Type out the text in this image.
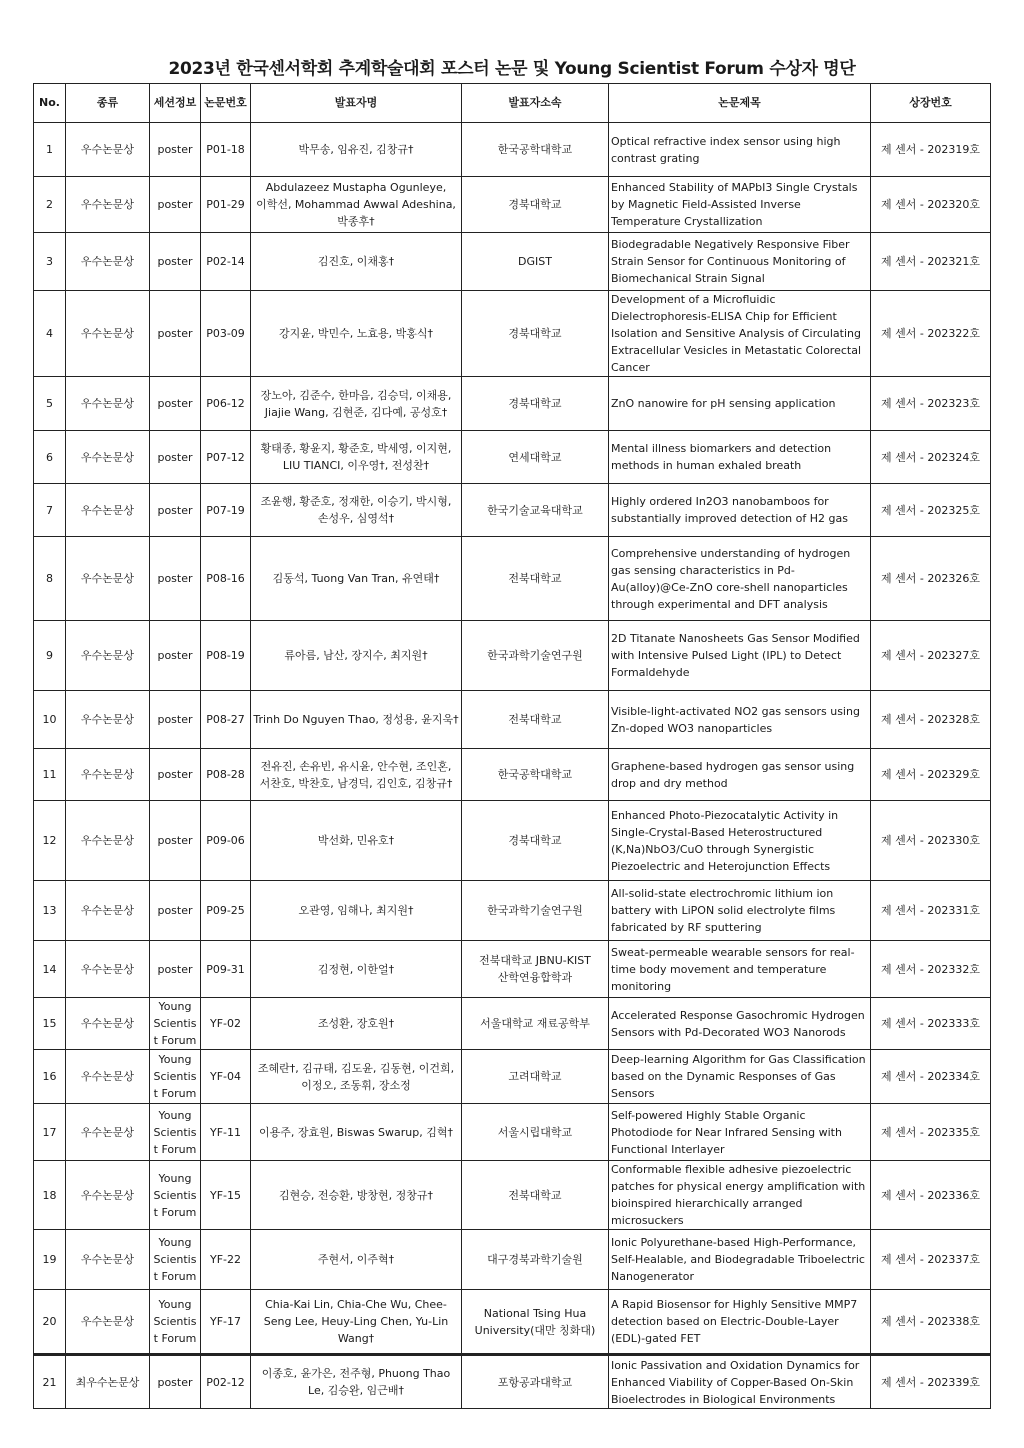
2023년 한국센서학회 추계학술대회 포스터 논문 및 Young Scientist Forum 수상자 명단
No.	종류	세션정보	논문번호	발표자명	발표자소속	논문제목	상장번호
1	우수논문상	poster	P01-18	박무송, 임유진, 김창규†	한국공학대학교	Optical refractive index sensor using high contrast grating	제 센서 - 202319호
2	우수논문상	poster	P01-29	Abdulazeez Mustapha Ogunleye, 이학선, Mohammad Awwal Adeshina, 박종후†	경북대학교	Enhanced Stability of MAPbI3 Single Crystals by Magnetic Field-Assisted Inverse Temperature Crystallization	제 센서 - 202320호
3	우수논문상	poster	P02-14	김진호, 이채홍†	DGIST	Biodegradable Negatively Responsive Fiber Strain Sensor for Continuous Monitoring of Biomechanical Strain Signal	제 센서 - 202321호
4	우수논문상	poster	P03-09	강지윤, 박민수, 노효용, 박홍식†	경북대학교	Development of a Microfluidic Dielectrophoresis-ELISA Chip for Efficient Isolation and Sensitive Analysis of Circulating Extracellular Vesicles in Metastatic Colorectal Cancer	제 센서 - 202322호
5	우수논문상	poster	P06-12	장노아, 김준수, 한마음, 김승덕, 이채용, Jiajie Wang, 김현준, 김다예, 공성호†	경북대학교	ZnO nanowire for pH sensing application	제 센서 - 202323호
6	우수논문상	poster	P07-12	황태종, 황윤지, 황준호, 박세영, 이지현, LIU TIANCI, 이우영†, 전성찬†	연세대학교	Mental illness biomarkers and detection methods in human exhaled breath	제 센서 - 202324호
7	우수논문상	poster	P07-19	조윤행, 황준호, 정재한, 이승기, 박시형, 손성우, 심영석†	한국기술교육대학교	Highly ordered In2O3 nanobamboos for substantially improved detection of H2 gas	제 센서 - 202325호
8	우수논문상	poster	P08-16	김동석, Tuong Van Tran, 유연태†	전북대학교	Comprehensive understanding of hydrogen gas sensing characteristics in Pd-Au(alloy)@Ce-ZnO core-shell nanoparticles through experimental and DFT analysis	제 센서 - 202326호
9	우수논문상	poster	P08-19	류아름, 남산, 장지수, 최지원†	한국과학기술연구원	2D Titanate Nanosheets Gas Sensor Modified with Intensive Pulsed Light (IPL) to Detect Formaldehyde	제 센서 - 202327호
10	우수논문상	poster	P08-27	Trinh Do Nguyen Thao, 정성용, 윤지욱†	전북대학교	Visible-light-activated NO2 gas sensors using Zn-doped WO3 nanoparticles	제 센서 - 202328호
11	우수논문상	poster	P08-28	전유진, 손유빈, 유시윤, 안수현, 조인혼, 서찬호, 박찬호, 남경덕, 김인호, 김창규†	한국공학대학교	Graphene-based hydrogen gas sensor using drop and dry method	제 센서 - 202329호
12	우수논문상	poster	P09-06	박선화, 민유호†	경북대학교	Enhanced Photo-Piezocatalytic Activity in Single-Crystal-Based Heterostructured (K,Na)NbO3/CuO through Synergistic Piezoelectric and Heterojunction Effects	제 센서 - 202330호
13	우수논문상	poster	P09-25	오관영, 임해나, 최지원†	한국과학기술연구원	All-solid-state electrochromic lithium ion battery with LiPON solid electrolyte films fabricated by RF sputtering	제 센서 - 202331호
14	우수논문상	poster	P09-31	김정현, 이한얼†	전북대학교 JBNU-KIST 산학연융합학과	Sweat-permeable wearable sensors for real-time body movement and temperature monitoring	제 센서 - 202332호
15	우수논문상	Young Scientist Forum	YF-02	조성환, 장호원†	서울대학교 재료공학부	Accelerated Response Gasochromic Hydrogen Sensors with Pd-Decorated WO3 Nanorods	제 센서 - 202333호
16	우수논문상	Young Scientist Forum	YF-04	조혜란†, 김규태, 김도윤, 김동현, 이건희, 이정오, 조동휘, 장소정	고려대학교	Deep-learning Algorithm for Gas Classification based on the Dynamic Responses of Gas Sensors	제 센서 - 202334호
17	우수논문상	Young Scientist Forum	YF-11	이용주, 장효원, Biswas Swarup, 김혁†	서울시립대학교	Self-powered Highly Stable Organic Photodiode for Near Infrared Sensing with Functional Interlayer	제 센서 - 202335호
18	우수논문상	Young Scientist Forum	YF-15	김현승, 전승환, 방창현, 정창규†	전북대학교	Conformable flexible adhesive piezoelectric patches for physical energy amplification with bioinspired hierarchically arranged microsuckers	제 센서 - 202336호
19	우수논문상	Young Scientist Forum	YF-22	주현서, 이주혁†	대구경북과학기술원	Ionic Polyurethane-based High-Performance, Self-Healable, and Biodegradable Triboelectric Nanogenerator	제 센서 - 202337호
20	우수논문상	Young Scientist Forum	YF-17	Chia-Kai Lin, Chia-Che Wu, Chee-Seng Lee, Heuy-Ling Chen, Yu-Lin Wang†	National Tsing Hua University(대만 칭화대)	A Rapid Biosensor for Highly Sensitive MMP7 detection based on Electric-Double-Layer (EDL)-gated FET	제 센서 - 202338호
21	최우수논문상	poster	P02-12	이종호, 윤가은, 전주형, Phuong Thao Le, 김승완, 임근배†	포항공과대학교	Ionic Passivation and Oxidation Dynamics for Enhanced Viability of Copper-Based On-Skin Bioelectrodes in Biological Environments	제 센서 - 202339호
